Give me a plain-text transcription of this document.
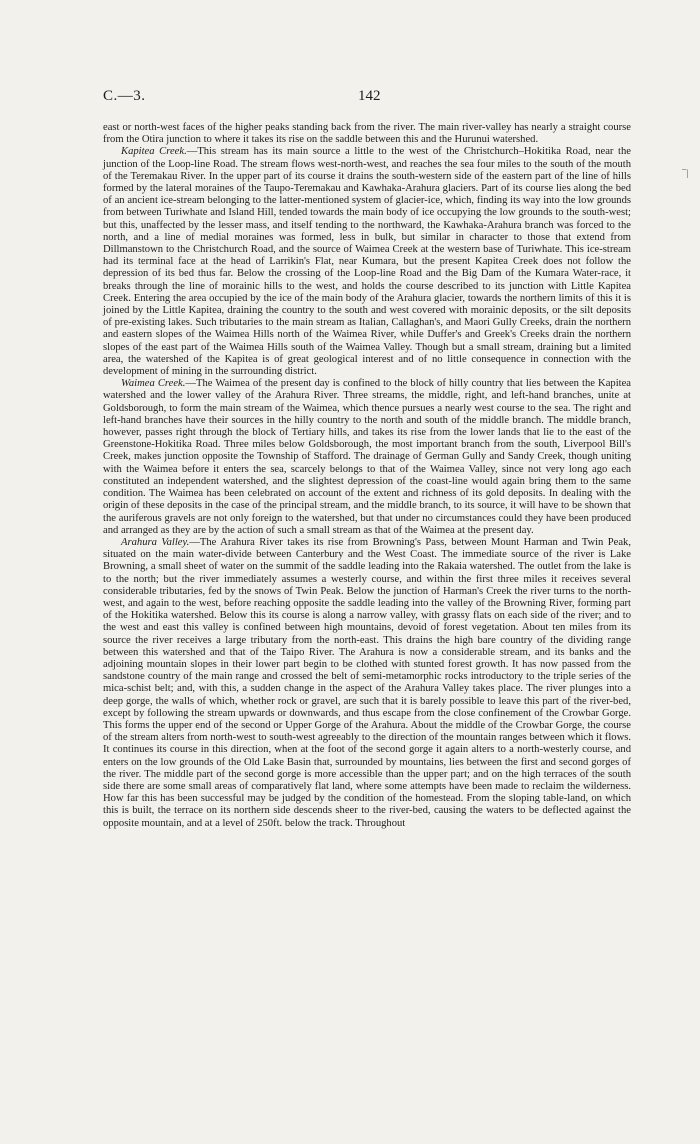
C.—3.	142
¯|

east or north-west faces of the higher peaks standing back from the river. The main river-valley has nearly a straight course from the Otira junction to where it takes its rise on the saddle between this and the Hurunui watershed.

Kapitea Creek.—This stream has its main source a little to the west of the Christchurch–Hokitika Road, near the junction of the Loop-line Road. The stream flows west-north-west, and reaches the sea four miles to the south of the mouth of the Teremakau River. In the upper part of its course it drains the south-western side of the eastern part of the line of hills formed by the lateral moraines of the Taupo-Teremakau and Kawhaka-Arahura glaciers. Part of its course lies along the bed of an ancient ice-stream belonging to the latter-mentioned system of glacier-ice, which, finding its way into the low grounds from between Turiwhate and Island Hill, tended towards the main body of ice occupying the low grounds to the south-west; but this, unaffected by the lesser mass, and itself tending to the northward, the Kawhaka-Arahura branch was forced to the north, and a line of medial moraines was formed, less in bulk, but similar in character to those that extend from Dillmanstown to the Christchurch Road, and the source of Waimea Creek at the western base of Turiwhate. This ice-stream had its terminal face at the head of Larrikin's Flat, near Kumara, but the present Kapitea Creek does not follow the depression of its bed thus far. Below the crossing of the Loop-line Road and the Big Dam of the Kumara Water-race, it breaks through the line of morainic hills to the west, and holds the course described to its junction with Little Kapitea Creek. Entering the area occupied by the ice of the main body of the Arahura glacier, towards the northern limits of this it is joined by the Little Kapitea, draining the country to the south and west covered with morainic deposits, or the silt deposits of pre-existing lakes. Such tributaries to the main stream as Italian, Callaghan's, and Maori Gully Creeks, drain the northern and eastern slopes of the Waimea Hills north of the Waimea River, while Duffer's and Greek's Creeks drain the northern slopes of the east part of the Waimea Hills south of the Waimea Valley. Though but a small stream, draining but a limited area, the watershed of the Kapitea is of great geological interest and of no little consequence in connection with the development of mining in the surrounding district.

Waimea Creek.—The Waimea of the present day is confined to the block of hilly country that lies between the Kapitea watershed and the lower valley of the Arahura River. Three streams, the middle, right, and left-hand branches, unite at Goldsborough, to form the main stream of the Waimea, which thence pursues a nearly west course to the sea. The right and left-hand branches have their sources in the hilly country to the north and south of the middle branch. The middle branch, however, passes right through the block of Tertiary hills, and takes its rise from the lower lands that lie to the east of the Greenstone-Hokitika Road. Three miles below Goldsborough, the most important branch from the south, Liverpool Bill's Creek, makes junction opposite the Township of Stafford. The drainage of German Gully and Sandy Creek, though uniting with the Waimea before it enters the sea, scarcely belongs to that of the Waimea Valley, since not very long ago each constituted an independent watershed, and the slightest depression of the coast-line would again bring them to the same condition. The Waimea has been celebrated on account of the extent and richness of its gold deposits. In dealing with the origin of these deposits in the case of the principal stream, and the middle branch, to its source, it will have to be shown that the auriferous gravels are not only foreign to the watershed, but that under no circumstances could they have been produced and arranged as they are by the action of such a small stream as that of the Waimea at the present day.

Arahura Valley.—The Arahura River takes its rise from Browning's Pass, between Mount Harman and Twin Peak, situated on the main water-divide between Canterbury and the West Coast. The immediate source of the river is Lake Browning, a small sheet of water on the summit of the saddle leading into the Rakaia watershed. The outlet from the lake is to the north; but the river immediately assumes a westerly course, and within the first three miles it receives several considerable tributaries, fed by the snows of Twin Peak. Below the junction of Harman's Creek the river turns to the north-west, and again to the west, before reaching opposite the saddle leading into the valley of the Browning River, forming part of the Hokitika watershed. Below this its course is along a narrow valley, with grassy flats on each side of the river; and to the west and east this valley is confined between high mountains, devoid of forest vegetation. About ten miles from its source the river receives a large tributary from the north-east. This drains the high bare country of the dividing range between this watershed and that of the Taipo River. The Arahura is now a considerable stream, and its banks and the adjoining mountain slopes in their lower part begin to be clothed with stunted forest growth. It has now passed from the sandstone country of the main range and crossed the belt of semi-metamorphic rocks introductory to the triple series of the mica-schist belt; and, with this, a sudden change in the aspect of the Arahura Valley takes place. The river plunges into a deep gorge, the walls of which, whether rock or gravel, are such that it is barely possible to leave this part of the river-bed, except by following the stream upwards or downwards, and thus escape from the close confinement of the Crowbar Gorge. This forms the upper end of the second or Upper Gorge of the Arahura. About the middle of the Crowbar Gorge, the course of the stream alters from north-west to south-west agreeably to the direction of the mountain ranges between which it flows. It continues its course in this direction, when at the foot of the second gorge it again alters to a north-westerly course, and enters on the low grounds of the Old Lake Basin that, surrounded by mountains, lies between the first and second gorges of the river. The middle part of the second gorge is more accessible than the upper part; and on the high terraces of the south side there are some small areas of comparatively flat land, where some attempts have been made to reclaim the wilderness. How far this has been successful may be judged by the condition of the homestead. From the sloping table-land, on which this is built, the terrace on its northern side descends sheer to the river-bed, causing the waters to be deflected against the opposite mountain, and at a level of 250ft. below the track. Throughout
